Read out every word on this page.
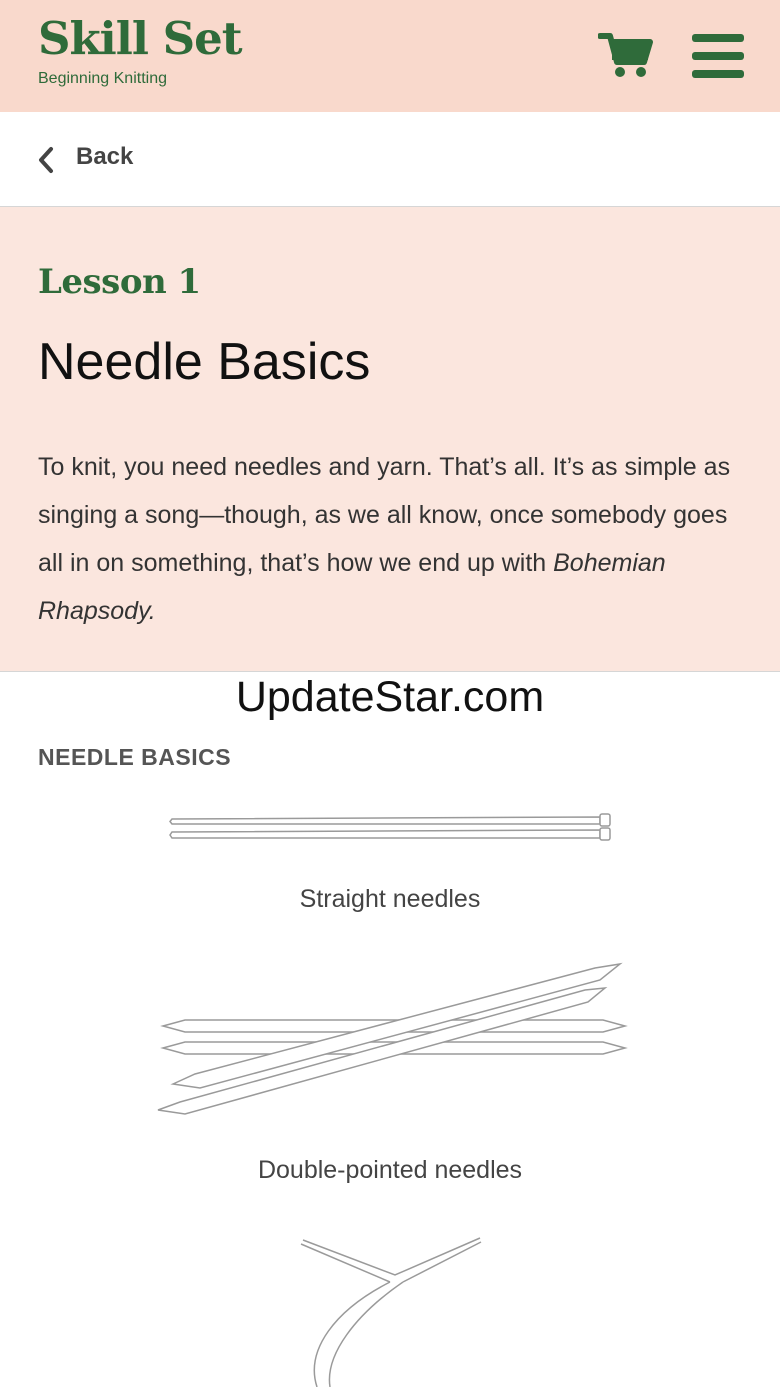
Skill Set
Beginning Knitting
Back
Lesson 1
Needle Basics
To knit, you need needles and yarn. That’s all. It’s as simple as singing a song—though, as we all know, once somebody goes all in on something, that’s how we end up with Bohemian Rhapsody.
UpdateStar.com
NEEDLE BASICS
Straight needles
Double-pointed needles
